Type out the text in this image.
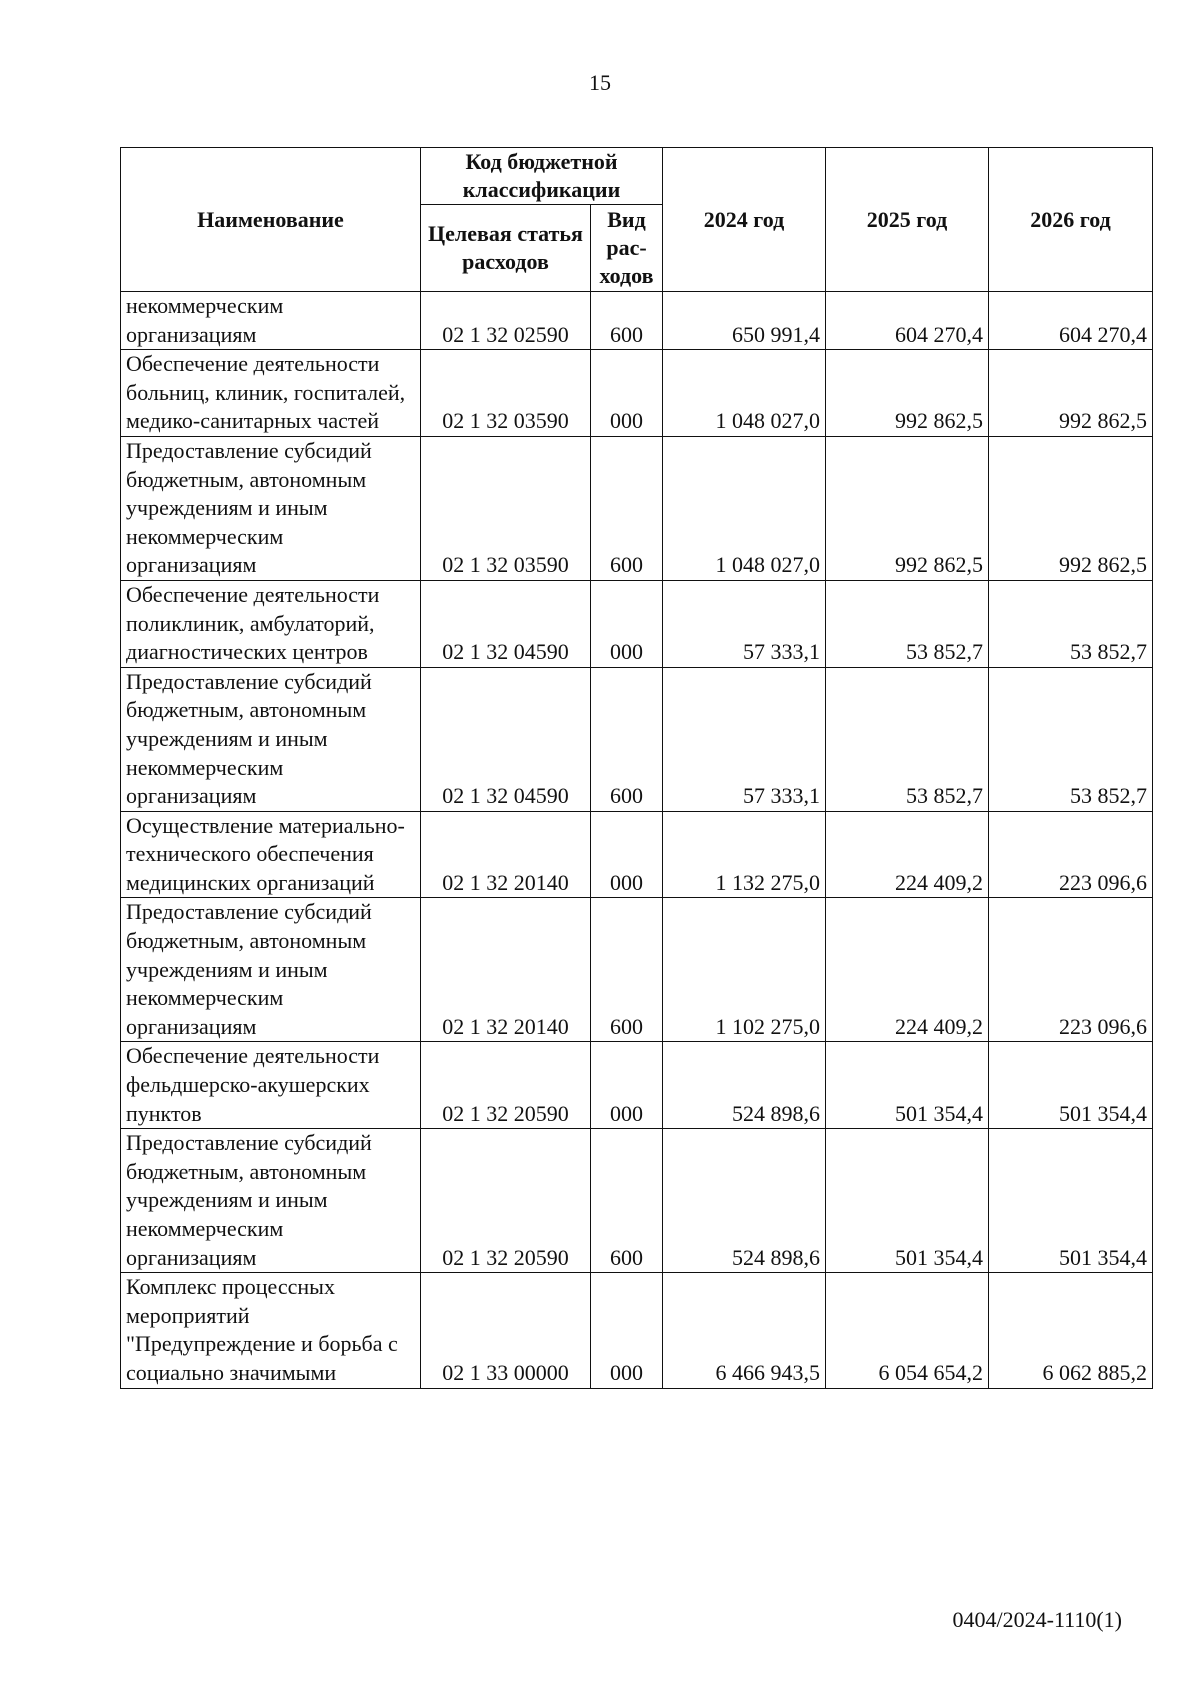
15
Наименование	Код бюджетной классификации		2024 год	2025 год	2026 год
	Целевая статья расходов	Вид рас-ходов			
некоммерческим организациям	02 1 32 02590	600	650 991,4	604 270,4	604 270,4
Обеспечение деятельности больниц, клиник, госпиталей, медико-санитарных частей	02 1 32 03590	000	1 048 027,0	992 862,5	992 862,5
Предоставление субсидий бюджетным, автономным учреждениям и иным некоммерческим организациям	02 1 32 03590	600	1 048 027,0	992 862,5	992 862,5
Обеспечение деятельности поликлиник, амбулаторий, диагностических центров	02 1 32 04590	000	57 333,1	53 852,7	53 852,7
Предоставление субсидий бюджетным, автономным учреждениям и иным некоммерческим организациям	02 1 32 04590	600	57 333,1	53 852,7	53 852,7
Осуществление материально-технического обеспечения медицинских организаций	02 1 32 20140	000	1 132 275,0	224 409,2	223 096,6
Предоставление субсидий бюджетным, автономным учреждениям и иным некоммерческим организациям	02 1 32 20140	600	1 102 275,0	224 409,2	223 096,6
Обеспечение деятельности фельдшерско-акушерских пунктов	02 1 32 20590	000	524 898,6	501 354,4	501 354,4
Предоставление субсидий бюджетным, автономным учреждениям и иным некоммерческим организациям	02 1 32 20590	600	524 898,6	501 354,4	501 354,4
Комплекс процессных мероприятий "Предупреждение и борьба с социально значимыми	02 1 33 00000	000	6 466 943,5	6 054 654,2	6 062 885,2
0404/2024-1110(1)
